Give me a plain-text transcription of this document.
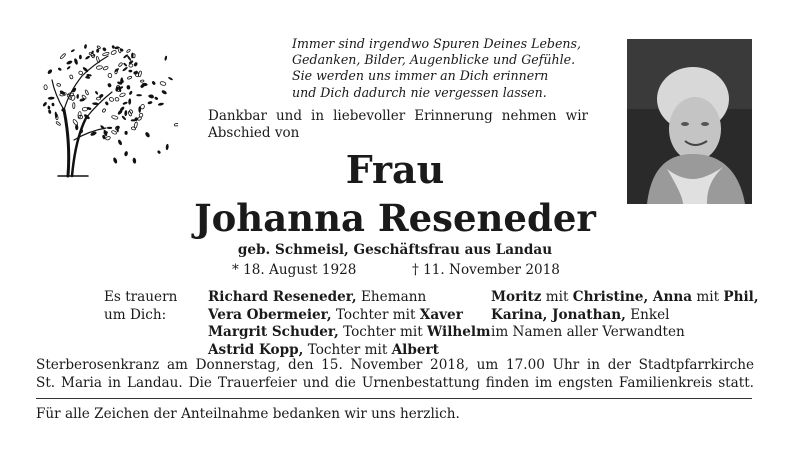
Immer sind irgendwo Spuren Deines Lebens,
Gedanken, Bilder, Augenblicke und Gefühle.
Sie werden uns immer an Dich erinnern
und Dich dadurch nie vergessen lassen.
Dankbar und in liebevoller Erinnerung nehmen wir Abschied von
Frau
Johanna Reseneder
geb. Schmeisl, Geschäftsfrau aus Landau
* 18. August 1928	† 11. November 2018
Es trauern
um Dich:
Richard Reseneder, Ehemann
Vera Obermeier, Tochter mit Xaver
Margrit Schuder, Tochter mit Wilhelm
Astrid Kopp, Tochter mit Albert
Moritz mit Christine, Anna mit Phil,
Karina, Jonathan, Enkel
im Namen aller Verwandten
Sterberosenkranz am Donnerstag, den 15. November 2018, um 17.00 Uhr in der Stadtpfarrkirche
St. Maria in Landau. Die Trauerfeier und die Urnenbestattung finden im engsten Familienkreis statt.
Für alle Zeichen der Anteilnahme bedanken wir uns herzlich.
